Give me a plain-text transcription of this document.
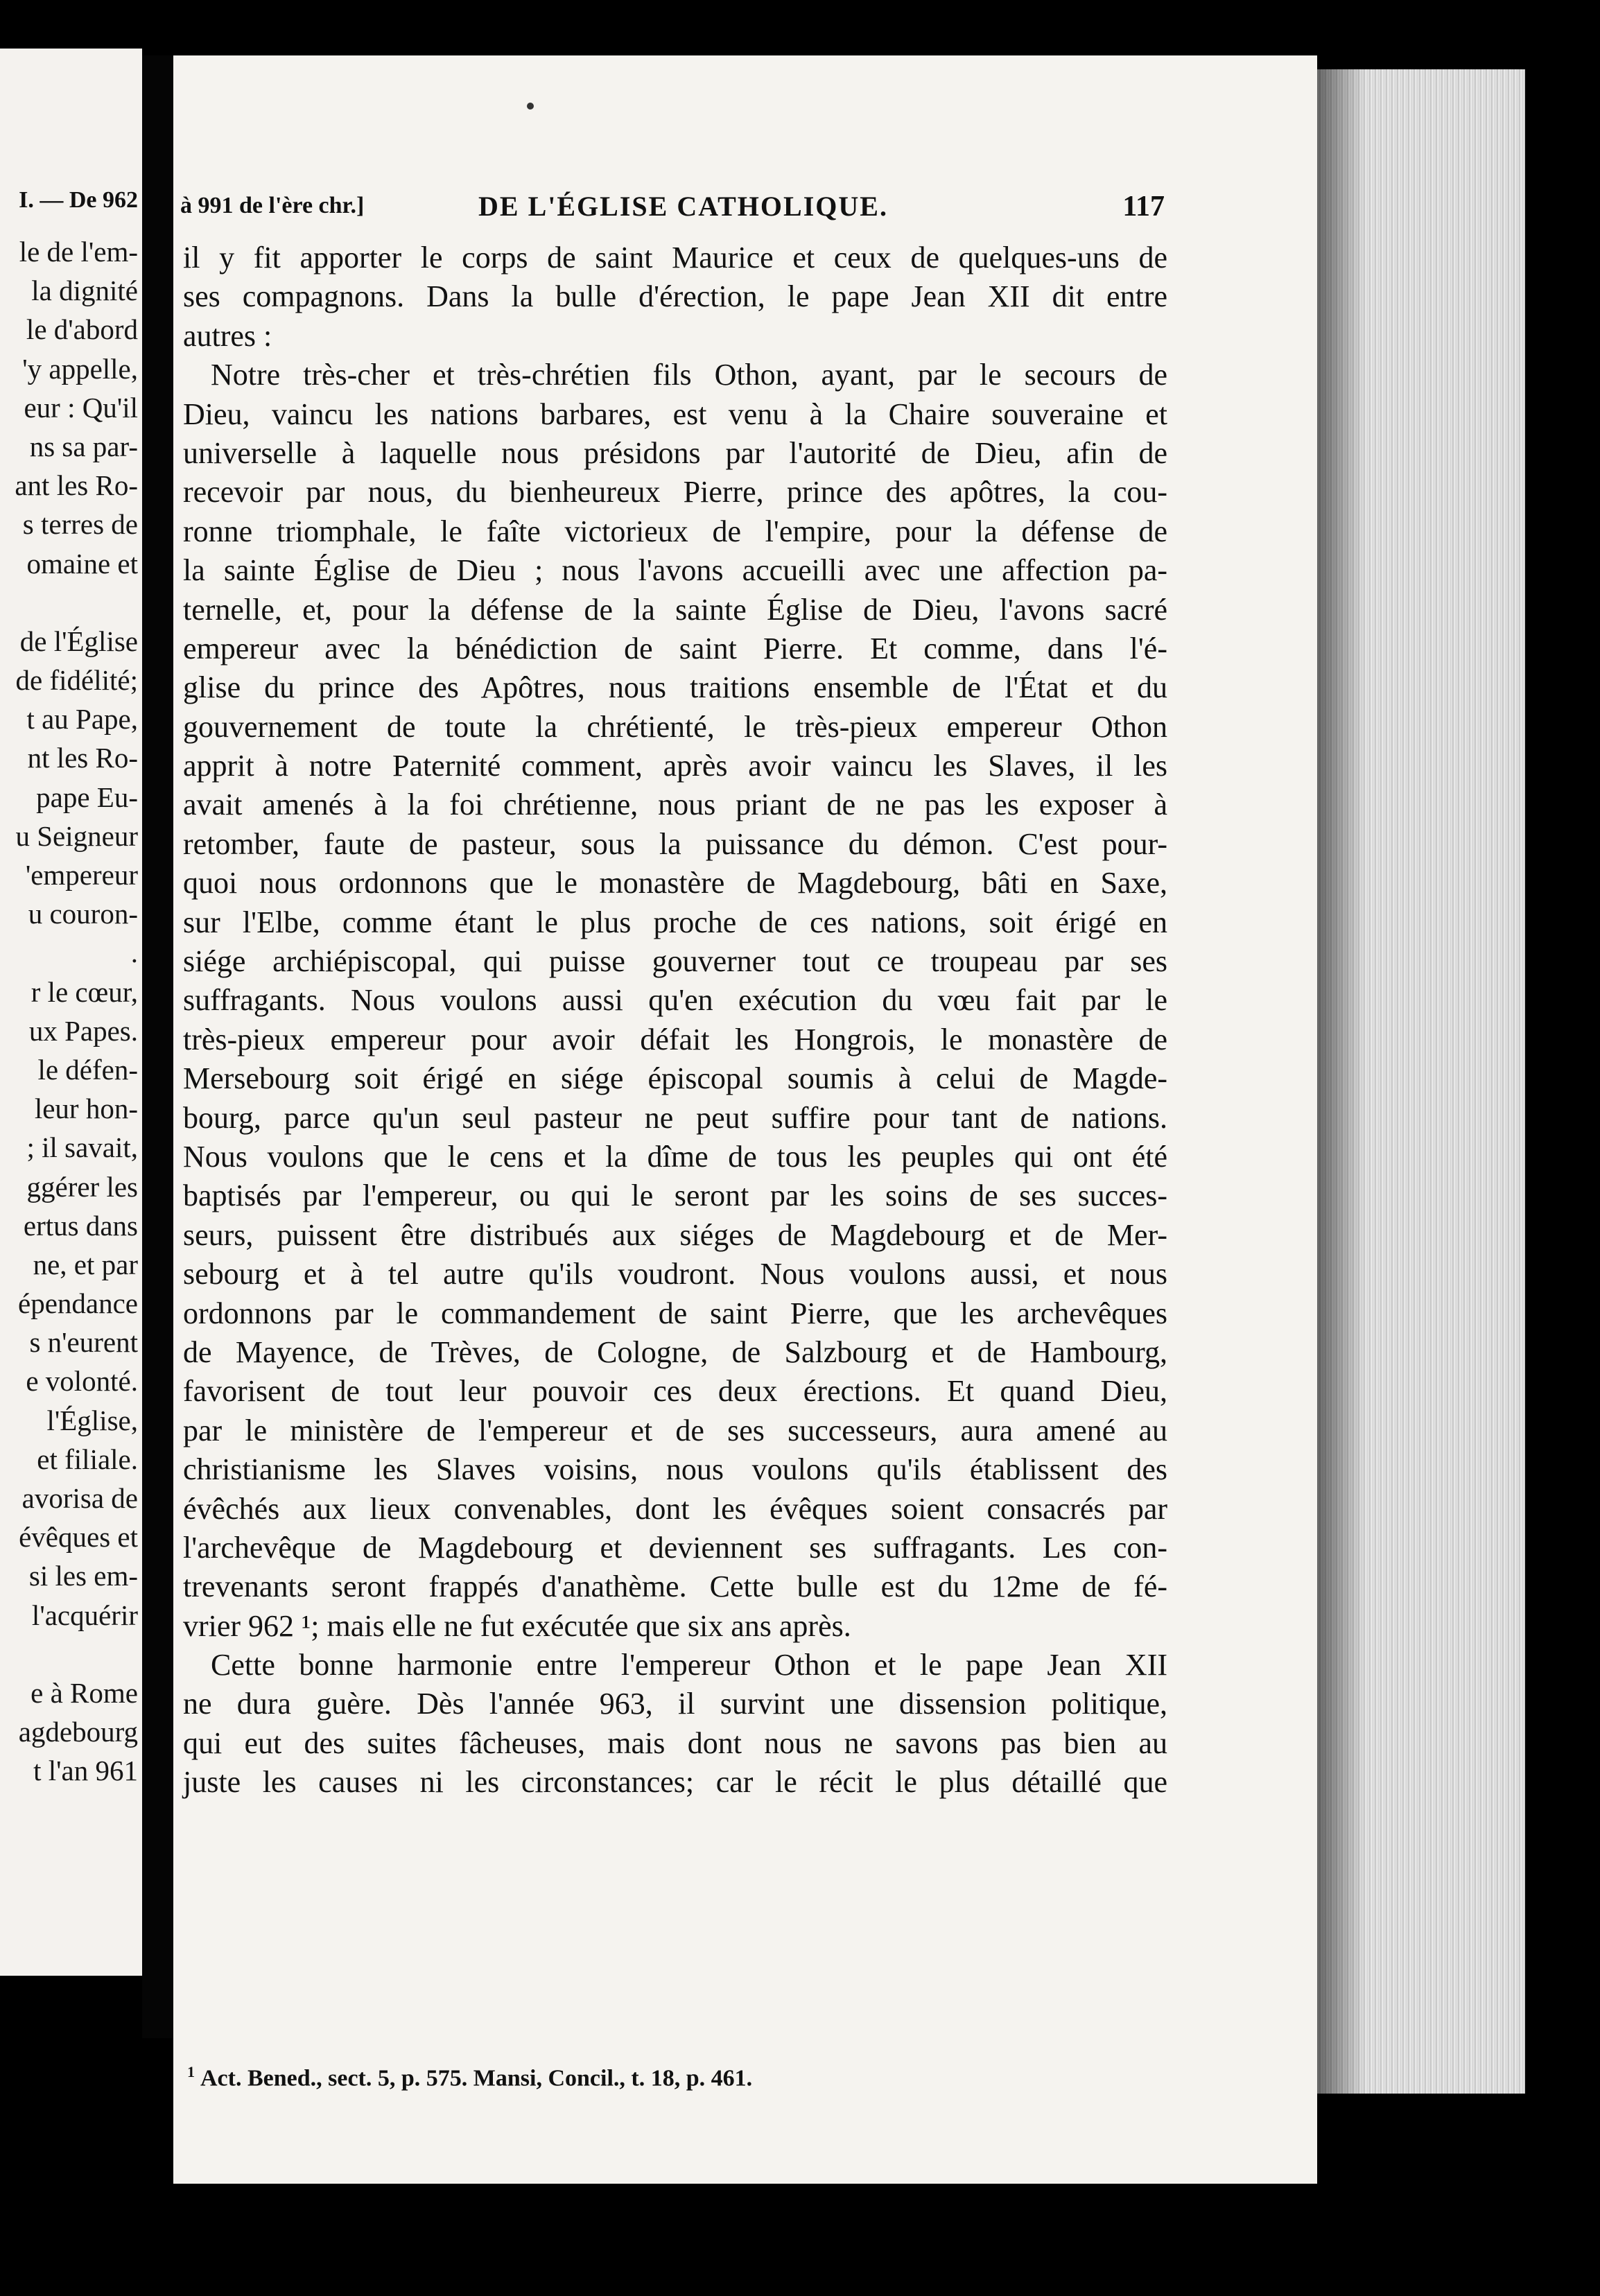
I. — De 962
le de l'em-
la dignité
le d'abord
'y appelle,
eur : Qu'il
ns sa par-
ant les Ro-
s terres de
omaine et
de l'Église
de fidélité;
t au Pape,
nt les Ro-
pape Eu-
u Seigneur
'empereur
u couron-
.
r le cœur,
ux Papes.
le défen-
leur hon-
; il savait,
ggérer les
ertus dans
ne, et par
épendance
s n'eurent
e volonté.
l'Église,
et filiale.
avorisa de
évêques et
si les em-
l'acquérir
e à Rome
agdebourg
t l'an 961
à 991 de l'ère chr.]	DE L'ÉGLISE CATHOLIQUE.	117
il y fit apporter le corps de saint Maurice et ceux de quelques-uns de
ses compagnons. Dans la bulle d'érection, le pape Jean XII dit entre
autres :
Notre très-cher et très-chrétien fils Othon, ayant, par le secours de
Dieu, vaincu les nations barbares, est venu à la Chaire souveraine et
universelle à laquelle nous présidons par l'autorité de Dieu, afin de
recevoir par nous, du bienheureux Pierre, prince des apôtres, la cou-
ronne triomphale, le faîte victorieux de l'empire, pour la défense de
la sainte Église de Dieu ; nous l'avons accueilli avec une affection pa-
ternelle, et, pour la défense de la sainte Église de Dieu, l'avons sacré
empereur avec la bénédiction de saint Pierre. Et comme, dans l'é-
glise du prince des Apôtres, nous traitions ensemble de l'État et du
gouvernement de toute la chrétienté, le très-pieux empereur Othon
apprit à notre Paternité comment, après avoir vaincu les Slaves, il les
avait amenés à la foi chrétienne, nous priant de ne pas les exposer à
retomber, faute de pasteur, sous la puissance du démon. C'est pour-
quoi nous ordonnons que le monastère de Magdebourg, bâti en Saxe,
sur l'Elbe, comme étant le plus proche de ces nations, soit érigé en
siége archiépiscopal, qui puisse gouverner tout ce troupeau par ses
suffragants. Nous voulons aussi qu'en exécution du vœu fait par le
très-pieux empereur pour avoir défait les Hongrois, le monastère de
Mersebourg soit érigé en siége épiscopal soumis à celui de Magde-
bourg, parce qu'un seul pasteur ne peut suffire pour tant de nations.
Nous voulons que le cens et la dîme de tous les peuples qui ont été
baptisés par l'empereur, ou qui le seront par les soins de ses succes-
seurs, puissent être distribués aux siéges de Magdebourg et de Mer-
sebourg et à tel autre qu'ils voudront. Nous voulons aussi, et nous
ordonnons par le commandement de saint Pierre, que les archevêques
de Mayence, de Trèves, de Cologne, de Salzbourg et de Hambourg,
favorisent de tout leur pouvoir ces deux érections. Et quand Dieu,
par le ministère de l'empereur et de ses successeurs, aura amené au
christianisme les Slaves voisins, nous voulons qu'ils établissent des
évêchés aux lieux convenables, dont les évêques soient consacrés par
l'archevêque de Magdebourg et deviennent ses suffragants. Les con-
trevenants seront frappés d'anathème. Cette bulle est du 12me de fé-
vrier 962 ¹; mais elle ne fut exécutée que six ans après.
Cette bonne harmonie entre l'empereur Othon et le pape Jean XII
ne dura guère. Dès l'année 963, il survint une dissension politique,
qui eut des suites fâcheuses, mais dont nous ne savons pas bien au
juste les causes ni les circonstances; car le récit le plus détaillé que
$^1$ Act. Bened., sect. 5, p. 575. Mansi, Concil., t. 18, p. 461.
